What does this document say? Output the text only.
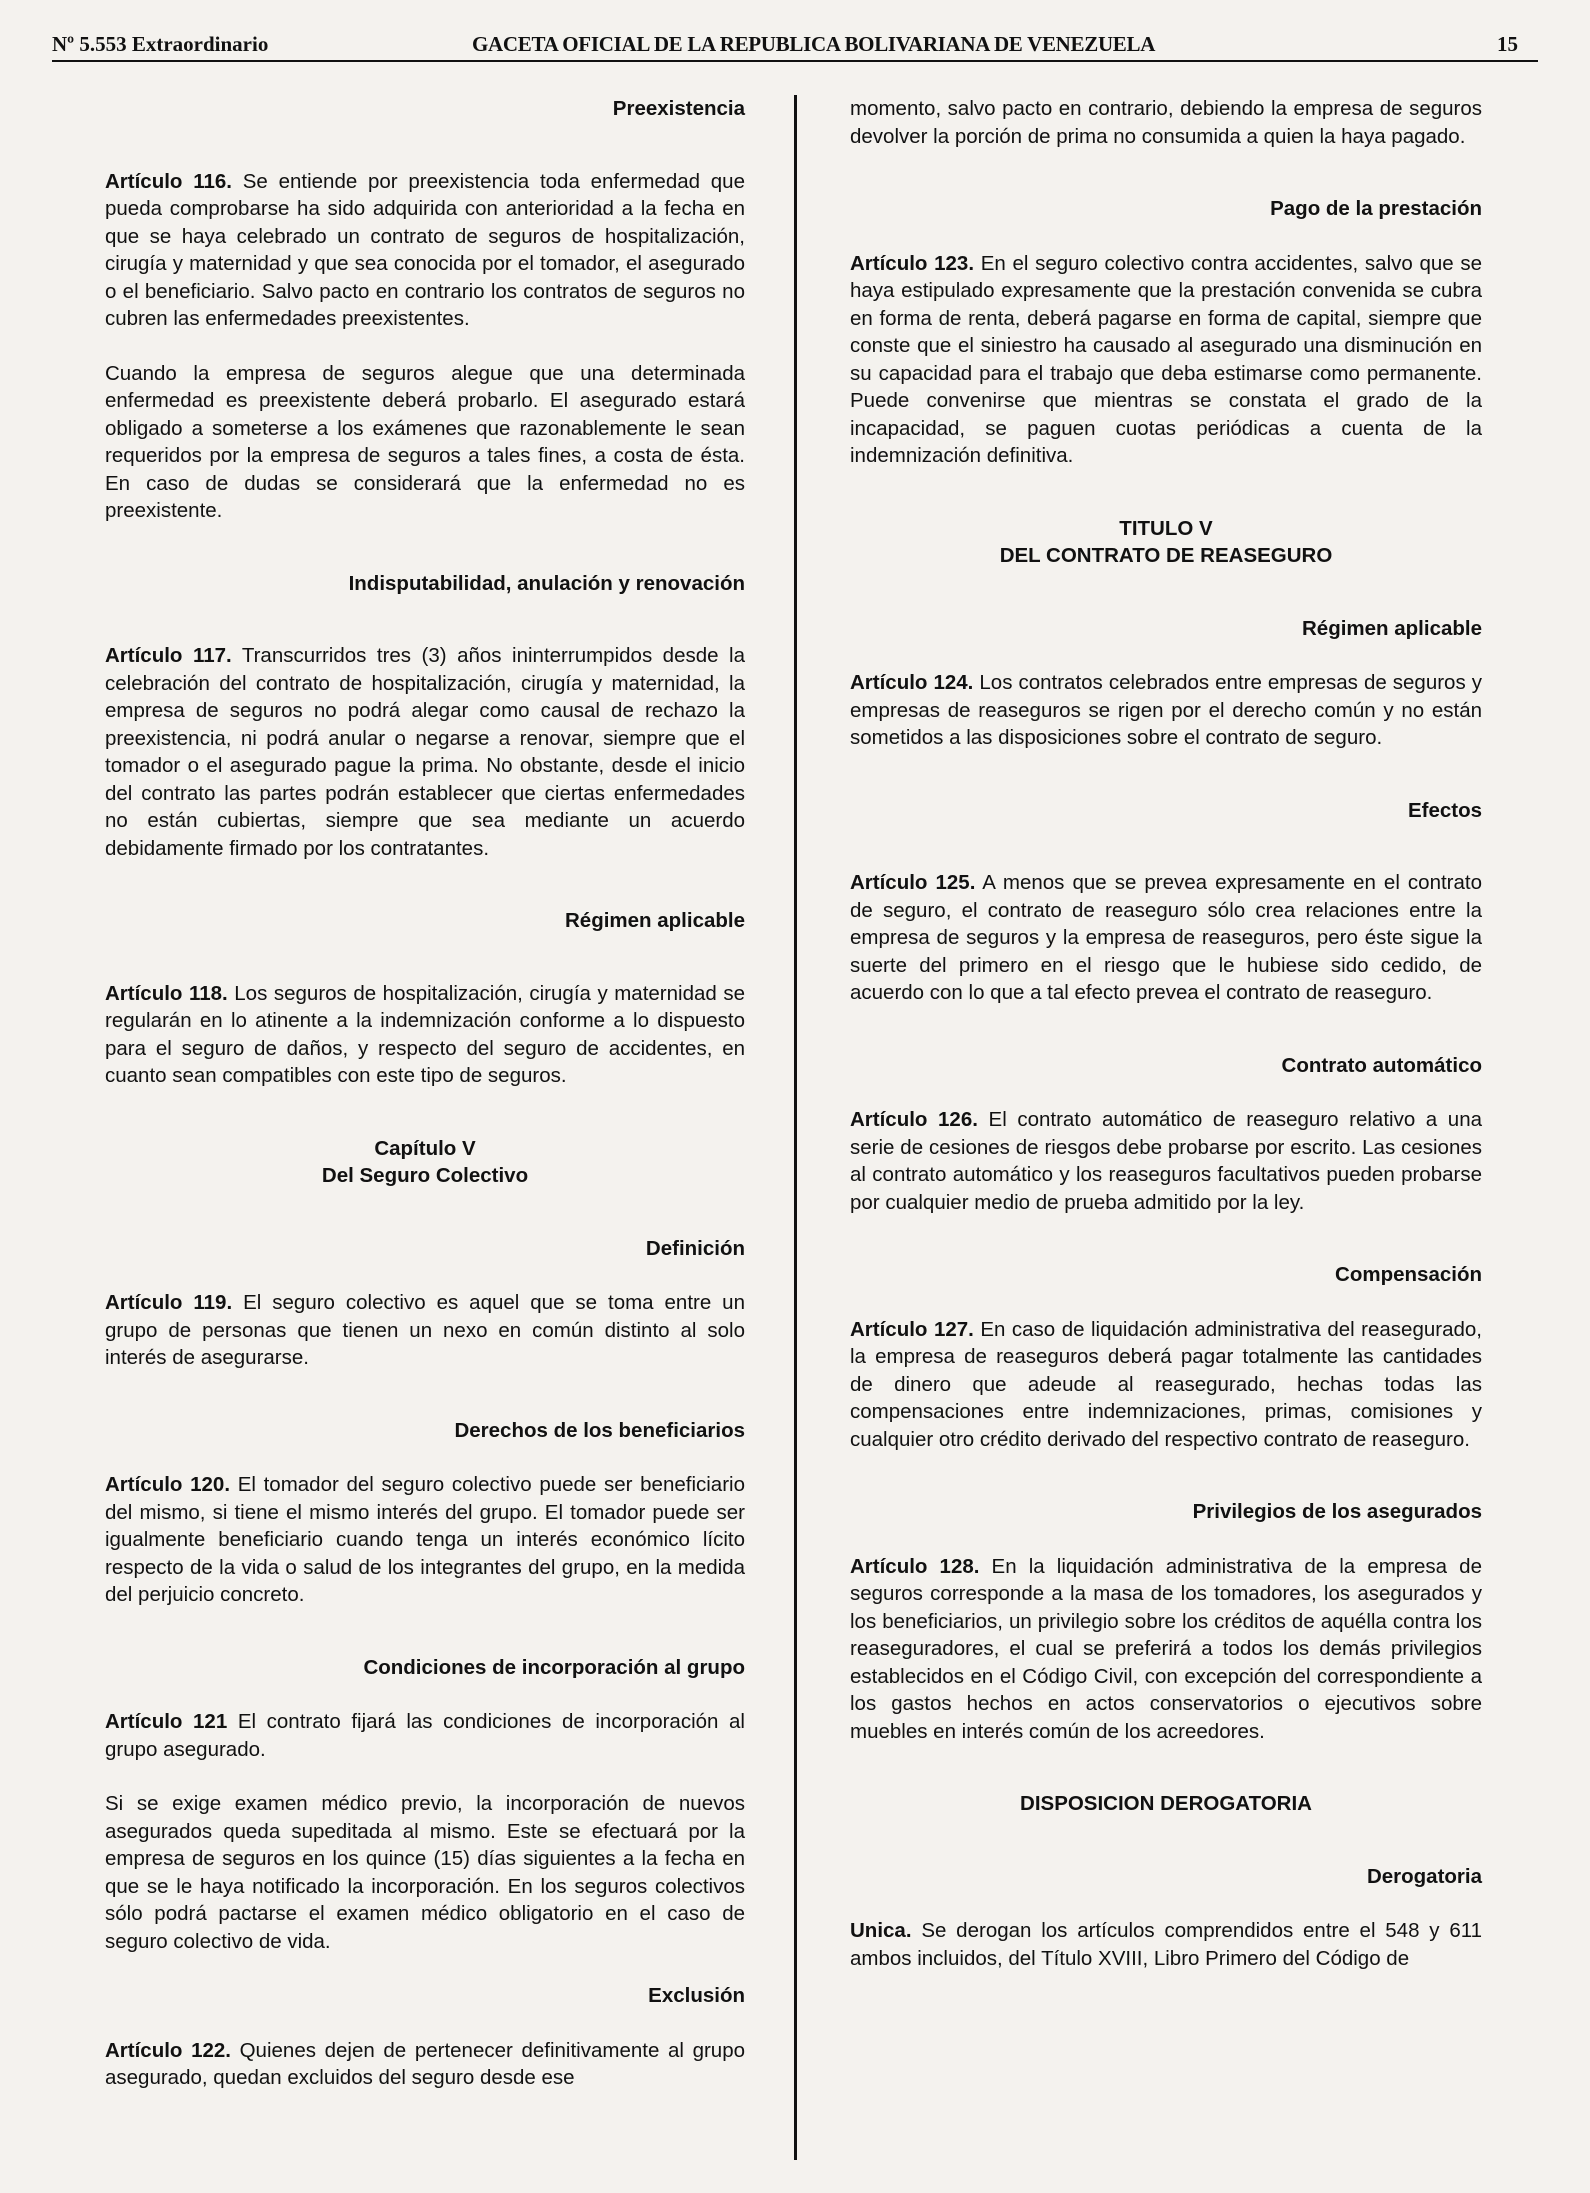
Nº 5.553 Extraordinario	GACETA OFICIAL DE LA REPUBLICA BOLIVARIANA DE VENEZUELA	15
Preexistencia

Artículo 116. Se entiende por preexistencia toda enfermedad que pueda comprobarse ha sido adquirida con anterioridad a la fecha en que se haya celebrado un contrato de seguros de hospitalización, cirugía y maternidad y que sea conocida por el tomador, el asegurado o el beneficiario. Salvo pacto en contrario los contratos de seguros no cubren las enfermedades preexistentes.

Cuando la empresa de seguros alegue que una determinada enfermedad es preexistente deberá probarlo. El asegurado estará obligado a someterse a los exámenes que razonablemente le sean requeridos por la empresa de seguros a tales fines, a costa de ésta. En caso de dudas se considerará que la enfermedad no es preexistente.

Indisputabilidad, anulación y renovación

Artículo 117. Transcurridos tres (3) años ininterrumpidos desde la celebración del contrato de hospitalización, cirugía y maternidad, la empresa de seguros no podrá alegar como causal de rechazo la preexistencia, ni podrá anular o negarse a renovar, siempre que el tomador o el asegurado pague la prima. No obstante, desde el inicio del contrato las partes podrán establecer que ciertas enfermedades no están cubiertas, siempre que sea mediante un acuerdo debidamente firmado por los contratantes.

Régimen aplicable

Artículo 118. Los seguros de hospitalización, cirugía y maternidad se regularán en lo atinente a la indemnización conforme a lo dispuesto para el seguro de daños, y respecto del seguro de accidentes, en cuanto sean compatibles con este tipo de seguros.

Capítulo V
Del Seguro Colectivo
Definición

Artículo 119. El seguro colectivo es aquel que se toma entre un grupo de personas que tienen un nexo en común distinto al solo interés de asegurarse.

Derechos de los beneficiarios

Artículo 120. El tomador del seguro colectivo puede ser beneficiario del mismo, si tiene el mismo interés del grupo. El tomador puede ser igualmente beneficiario cuando tenga un interés económico lícito respecto de la vida o salud de los integrantes del grupo, en la medida del perjuicio concreto.

Condiciones de incorporación al grupo

Artículo 121 El contrato fijará las condiciones de incorporación al grupo asegurado.

Si se exige examen médico previo, la incorporación de nuevos asegurados queda supeditada al mismo. Este se efectuará por la empresa de seguros en los quince (15) días siguientes a la fecha en que se le haya notificado la incorporación. En los seguros colectivos sólo podrá pactarse el examen médico obligatorio en el caso de seguro colectivo de vida.

Exclusión

Artículo 122. Quienes dejen de pertenecer definitivamente al grupo asegurado, quedan excluidos del seguro desde ese

momento, salvo pacto en contrario, debiendo la empresa de seguros devolver la porción de prima no consumida a quien la haya pagado.

Pago de la prestación

Artículo 123. En el seguro colectivo contra accidentes, salvo que se haya estipulado expresamente que la prestación convenida se cubra en forma de renta, deberá pagarse en forma de capital, siempre que conste que el siniestro ha causado al asegurado una disminución en su capacidad para el trabajo que deba estimarse como permanente. Puede convenirse que mientras se constata el grado de la incapacidad, se paguen cuotas periódicas a cuenta de la indemnización definitiva.

TITULO V
DEL CONTRATO DE REASEGURO
Régimen aplicable

Artículo 124. Los contratos celebrados entre empresas de seguros y empresas de reaseguros se rigen por el derecho común y no están sometidos a las disposiciones sobre el contrato de seguro.

Efectos

Artículo 125. A menos que se prevea expresamente en el contrato de seguro, el contrato de reaseguro sólo crea relaciones entre la empresa de seguros y la empresa de reaseguros, pero éste sigue la suerte del primero en el riesgo que le hubiese sido cedido, de acuerdo con lo que a tal efecto prevea el contrato de reaseguro.

Contrato automático

Artículo 126. El contrato automático de reaseguro relativo a una serie de cesiones de riesgos debe probarse por escrito. Las cesiones al contrato automático y los reaseguros facultativos pueden probarse por cualquier medio de prueba admitido por la ley.

Compensación

Artículo 127. En caso de liquidación administrativa del reasegurado, la empresa de reaseguros deberá pagar totalmente las cantidades de dinero que adeude al reasegurado, hechas todas las compensaciones entre indemnizaciones, primas, comisiones y cualquier otro crédito derivado del respectivo contrato de reaseguro.

Privilegios de los asegurados

Artículo 128. En la liquidación administrativa de la empresa de seguros corresponde a la masa de los tomadores, los asegurados y los beneficiarios, un privilegio sobre los créditos de aquélla contra los reaseguradores, el cual se preferirá a todos los demás privilegios establecidos en el Código Civil, con excepción del correspondiente a los gastos hechos en actos conservatorios o ejecutivos sobre muebles en interés común de los acreedores.

DISPOSICION DEROGATORIA
Derogatoria

Unica. Se derogan los artículos comprendidos entre el 548 y 611 ambos incluidos, del Título XVIII, Libro Primero del Código de
